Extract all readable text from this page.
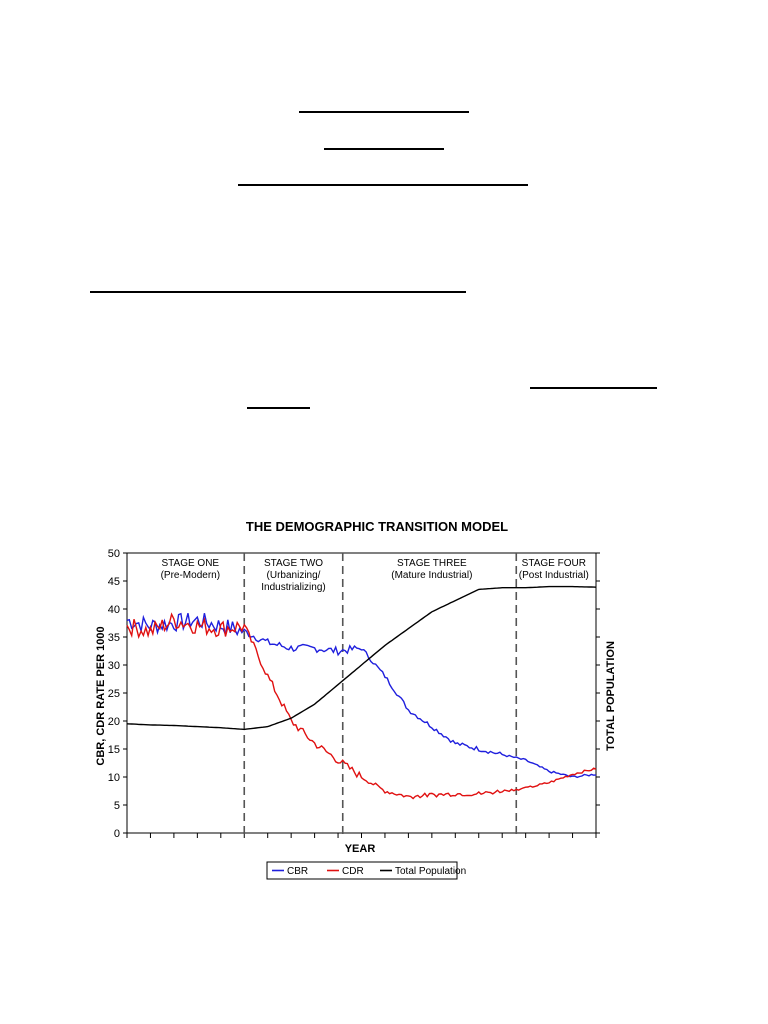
THE DEMOGRAPHIC TRANSITION MODEL
0
5
10
15
20
25
30
35
40
45
50
STAGE ONE
(Pre-Modern)
STAGE TWO
(Urbanizing/
Industrializing)
STAGE THREE
(Mature Industrial)
STAGE FOUR
(Post Industrial)
YEAR
CBR, CDR RATE PER 1000	TOTAL POPULATION
CBR	CDR	Total Population
